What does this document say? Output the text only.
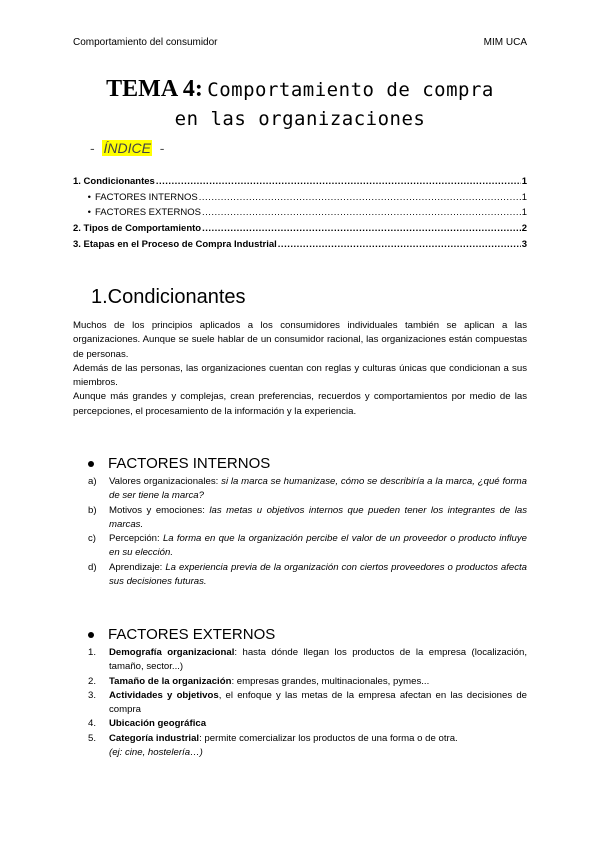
Comportamiento del consumidor	MIM UCA
TEMA 4: Comportamiento de compra
en las organizaciones
- ÍNDICE -
1. Condicionantes .....	1
• FACTORES INTERNOS .....	1
• FACTORES EXTERNOS .....	1
2. Tipos de Comportamiento .....	2
3. Etapas en el Proceso de Compra Industrial .....	3
1.Condicionantes

Muchos de los principios aplicados a los consumidores individuales también se aplican a las organizaciones. Aunque se suele hablar de un consumidor racional, las organizaciones están compuestas de personas.

Además de las personas, las organizaciones cuentan con reglas y culturas únicas que condicionan a sus miembros.

Aunque más grandes y complejas, crean preferencias, recuerdos y comportamientos por medio de las percepciones, el procesamiento de la información y la experiencia.

FACTORES INTERNOS
a) Valores organizacionales: si la marca se humanizase, cómo se describiría a la marca, ¿qué forma de ser tiene la marca?
b) Motivos y emociones: las metas u objetivos internos que pueden tener los integrantes de las marcas.
c) Percepción: La forma en que la organización percibe el valor de un proveedor o producto influye en su elección.
d) Aprendizaje: La experiencia previa de la organización con ciertos proveedores o productos afecta sus decisiones futuras.
FACTORES EXTERNOS
1. Demografía organizacional: hasta dónde llegan los productos de la empresa (localización, tamaño, sector...)
2. Tamaño de la organización: empresas grandes, multinacionales, pymes...
3. Actividades y objetivos, el enfoque y las metas de la empresa afectan en las decisiones de compra
4. Ubicación geográfica
5. Categoría industrial: permite comercializar los productos de una forma o de otra.
(ej: cine, hostelería…)
